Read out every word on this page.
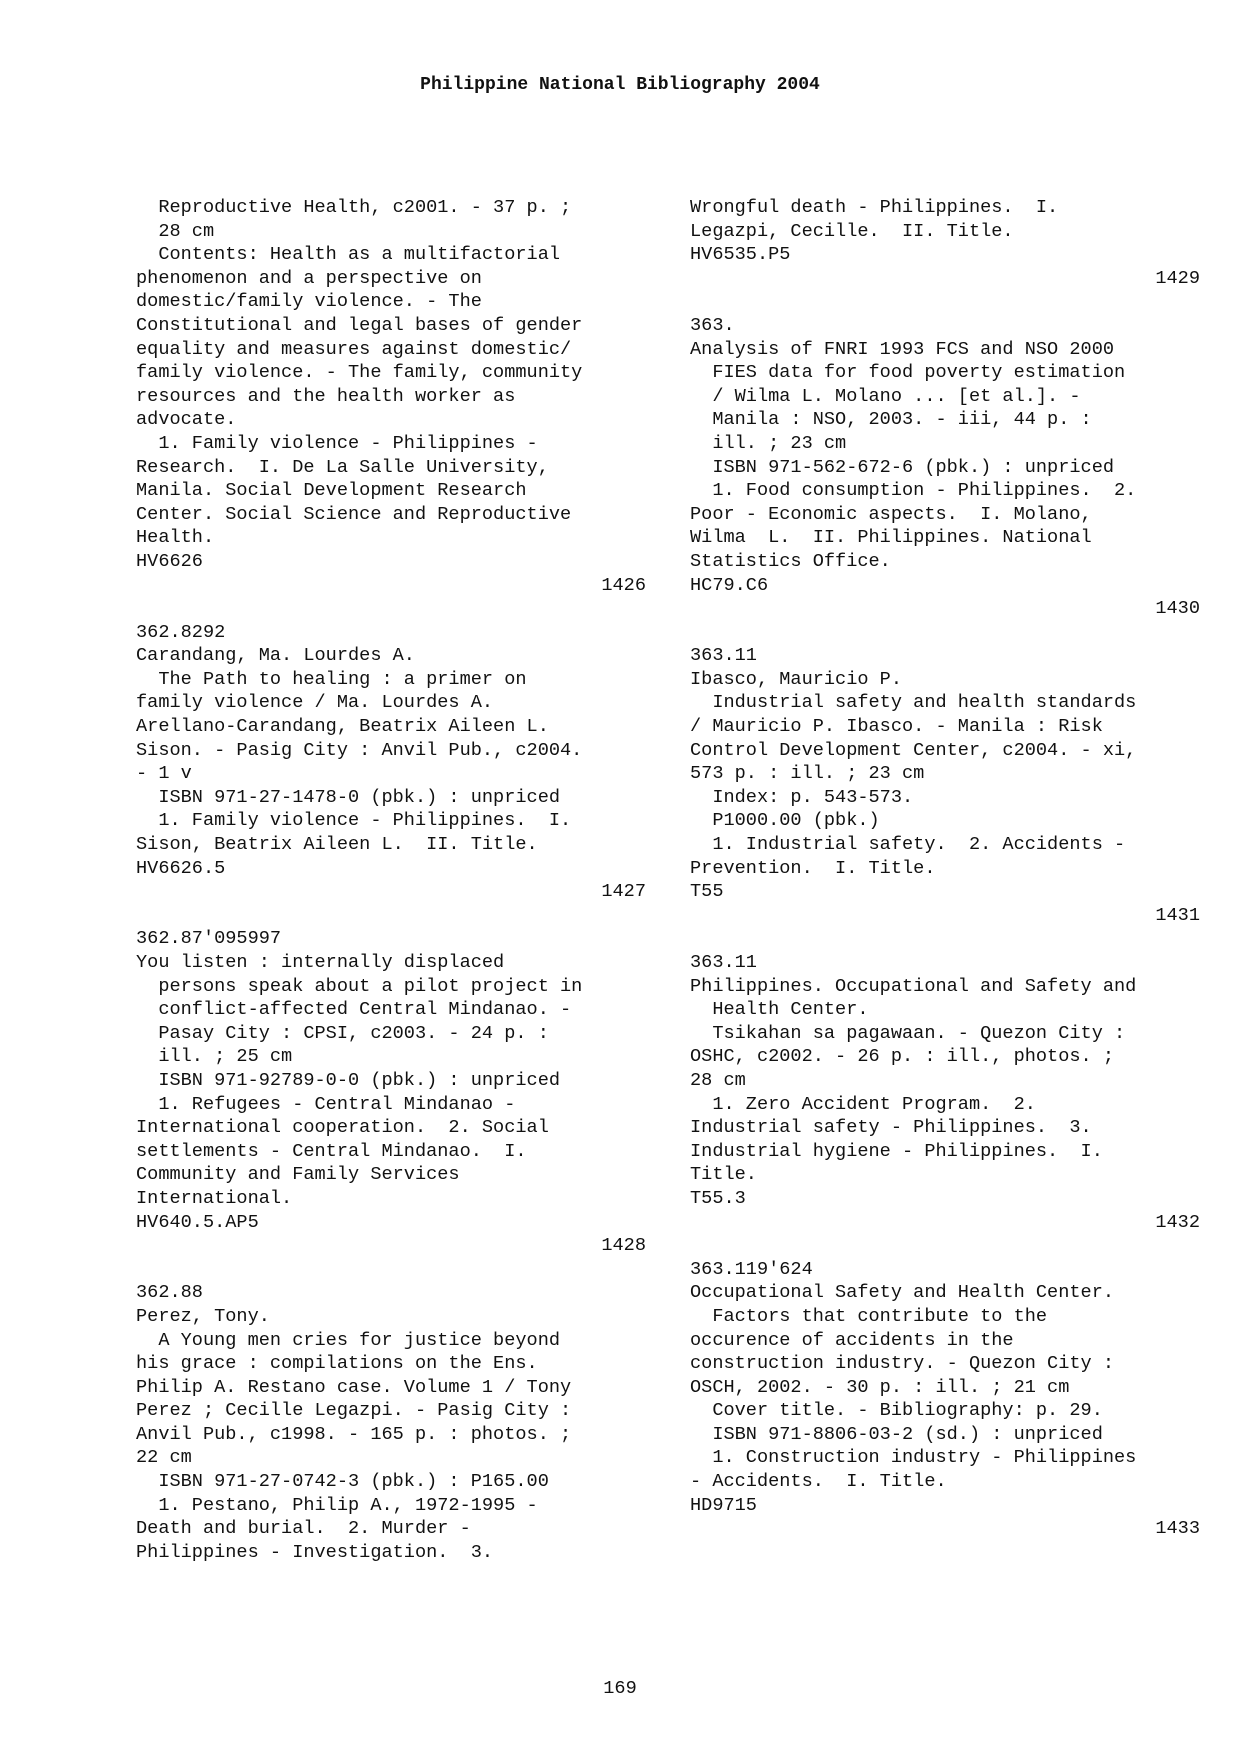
Philippine National Bibliography 2004
Reproductive Health, c2001. - 37 p. ;
28 cm
Contents: Health as a multifactorial
phenomenon and a perspective on
domestic/family violence. - The
Constitutional and legal bases of gender
equality and measures against domestic/
family violence. - The family, community
resources and the health worker as
advocate.
1. Family violence - Philippines -
Research.  I. De La Salle University,
Manila. Social Development Research
Center. Social Science and Reproductive
Health.
HV6626
1426
362.8292
Carandang, Ma. Lourdes A.
The Path to healing : a primer on
family violence / Ma. Lourdes A.
Arellano-Carandang, Beatrix Aileen L.
Sison. - Pasig City : Anvil Pub., c2004.
- 1 v
ISBN 971-27-1478-0 (pbk.) : unpriced
1. Family violence - Philippines.  I.
Sison, Beatrix Aileen L.  II. Title.
HV6626.5
1427
362.87'095997
You listen : internally displaced
persons speak about a pilot project in
conflict-affected Central Mindanao. -
Pasay City : CPSI, c2003. - 24 p. :
ill. ; 25 cm
ISBN 971-92789-0-0 (pbk.) : unpriced
1. Refugees - Central Mindanao -
International cooperation.  2. Social
settlements - Central Mindanao.  I.
Community and Family Services
International.
HV640.5.AP5
1428
362.88
Perez, Tony.
A Young men cries for justice beyond
his grace : compilations on the Ens.
Philip A. Restano case. Volume 1 / Tony
Perez ; Cecille Legazpi. - Pasig City :
Anvil Pub., c1998. - 165 p. : photos. ;
22 cm
ISBN 971-27-0742-3 (pbk.) : P165.00
1. Pestano, Philip A., 1972-1995 -
Death and burial.  2. Murder -
Philippines - Investigation.  3.
Wrongful death - Philippines.  I.
Legazpi, Cecille.  II. Title.
HV6535.P5
1429
363.
Analysis of FNRI 1993 FCS and NSO 2000
FIES data for food poverty estimation
/ Wilma L. Molano ... [et al.]. -
Manila : NSO, 2003. - iii, 44 p. :
ill. ; 23 cm
ISBN 971-562-672-6 (pbk.) : unpriced
1. Food consumption - Philippines.  2.
Poor - Economic aspects.  I. Molano,
Wilma  L.  II. Philippines. National
Statistics Office.
HC79.C6
1430
363.11
Ibasco, Mauricio P.
Industrial safety and health standards
/ Mauricio P. Ibasco. - Manila : Risk
Control Development Center, c2004. - xi,
573 p. : ill. ; 23 cm
Index: p. 543-573.
P1000.00 (pbk.)
1. Industrial safety.  2. Accidents -
Prevention.  I. Title.
T55
1431
363.11
Philippines. Occupational and Safety and
Health Center.
Tsikahan sa pagawaan. - Quezon City :
OSHC, c2002. - 26 p. : ill., photos. ;
28 cm
1. Zero Accident Program.  2.
Industrial safety - Philippines.  3.
Industrial hygiene - Philippines.  I.
Title.
T55.3
1432
363.119'624
Occupational Safety and Health Center.
Factors that contribute to the
occurence of accidents in the
construction industry. - Quezon City :
OSCH, 2002. - 30 p. : ill. ; 21 cm
Cover title. - Bibliography: p. 29.
ISBN 971-8806-03-2 (sd.) : unpriced
1. Construction industry - Philippines
- Accidents.  I. Title.
HD9715
1433
169
